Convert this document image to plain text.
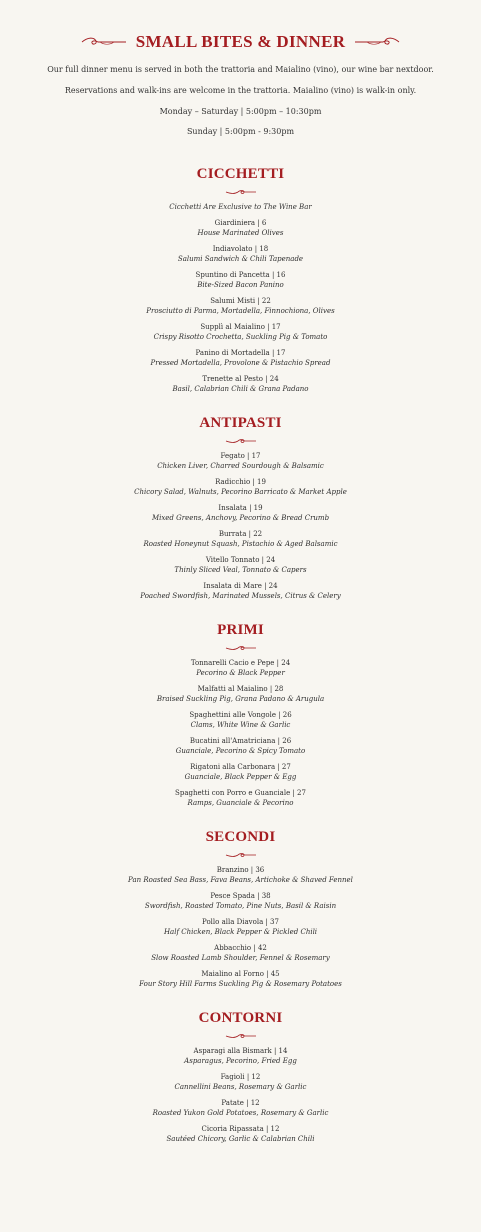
SMALL BITES & DINNER

Our full dinner menu is served in both the trattoria and Maialino (vino), our wine bar nextdoor.

Reservations and walk-ins are welcome in the trattoria. Maialino (vino) is walk-in only.

Monday – Saturday | 5:00pm – 10:30pm

Sunday | 5:00pm - 9:30pm

CICCHETTI
Cicchetti Are Exclusive to The Wine Bar
Giardiniera | 6
House Marinated Olives
Indiavolato | 18
Salumi Sandwich & Chili Tapenade
Spuntino di Pancetta | 16
Bite-Sized Bacon Panino
Salumi Misti | 22
Prosciutto di Parma, Mortadella, Finnochiona, Olives
Supplì al Maialino | 17
Crispy Risotto Crochetta, Suckling Pig & Tomato
Panino di Mortadella | 17
Pressed Mortadella, Provolone & Pistachio Spread
Trenette al Pesto | 24
Basil, Calabrian Chili & Grana Padano
ANTIPASTI
Fegato | 17
Chicken Liver, Charred Sourdough & Balsamic
Radicchio | 19
Chicory Salad, Walnuts, Pecorino Barricato & Market Apple
Insalata | 19
Mixed Greens, Anchovy, Pecorino & Bread Crumb
Burrata | 22
Roasted Honeynut Squash, Pistachio & Aged Balsamic
Vitello Tonnato | 24
Thinly Sliced Veal, Tonnato & Capers
Insalata di Mare | 24
Poached Swordfish, Marinated Mussels, Citrus & Celery
PRIMI
Tonnarelli Cacio e Pepe | 24
Pecorino & Black Pepper
Malfatti al Maialino | 28
Braised Suckling Pig, Grana Padano & Arugula
Spaghettini alle Vongole | 26
Clams, White Wine & Garlic
Bucatini all'Amatriciana | 26
Guanciale, Pecorino & Spicy Tomato
Rigatoni alla Carbonara | 27
Guanciale, Black Pepper & Egg
Spaghetti con Porro e Guanciale | 27
Ramps, Guanciale & Pecorino
SECONDI
Branzino | 36
Pan Roasted Sea Bass, Fava Beans, Artichoke & Shaved Fennel
Pesce Spada | 38
Swordfish, Roasted Tomato, Pine Nuts, Basil & Raisin
Pollo alla Diavola | 37
Half Chicken, Black Pepper & Pickled Chili
Abbacchio | 42
Slow Roasted Lamb Shoulder, Fennel & Rosemary
Maialino al Forno | 45
Four Story Hill Farms Suckling Pig & Rosemary Potatoes
CONTORNI
Asparagi alla Bismark | 14
Asparagus, Pecorino, Fried Egg
Fagioli | 12
Cannellini Beans, Rosemary & Garlic
Patate | 12
Roasted Yukon Gold Potatoes, Rosemary & Garlic
Cicoria Ripassata | 12
Sautéed Chicory, Garlic & Calabrian Chili
